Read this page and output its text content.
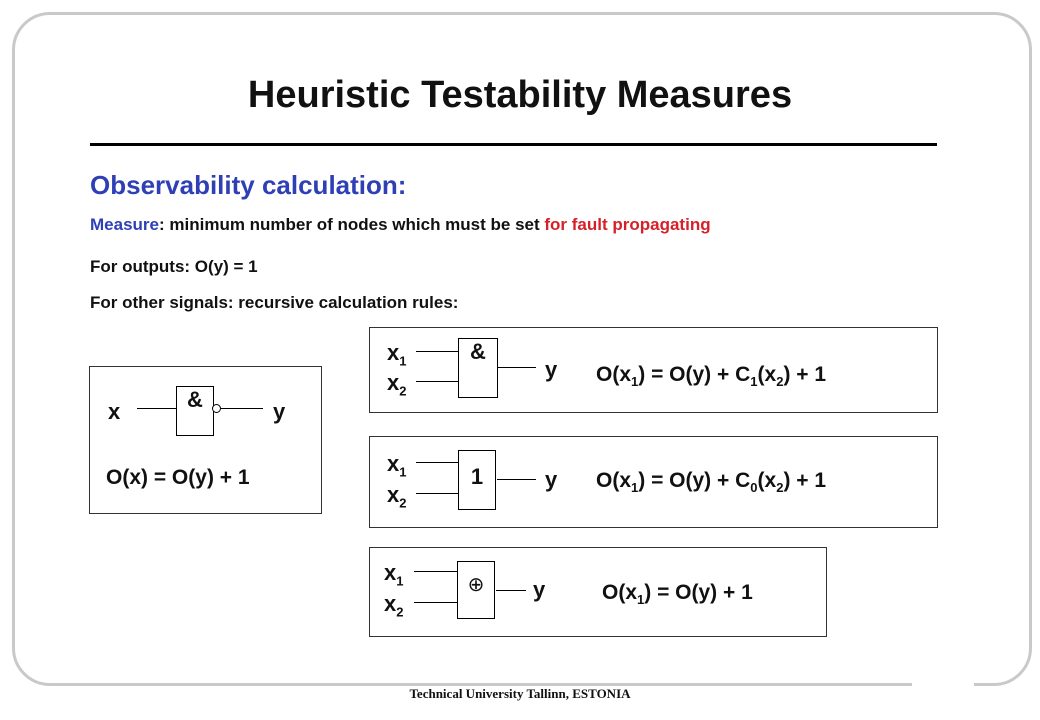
Heuristic Testability Measures
Observability calculation:
Measure: minimum number of nodes which must be set for fault propagating
For outputs: O(y) = 1
For other signals: recursive calculation rules:
&
x	y
O(x) = O(y) + 1
$x_1$
$x_2$
&
y $O(x_1) = O(y) + C_1(x_2) + 1$
$x_1$
$x_2$
1	y $O(x_1) = O(y) + C_0(x_2) + 1$
$x_1$
$x_2$
⊕ y	$O(x_1) = O(y) + 1$
Technical University Tallinn, ESTONIA
